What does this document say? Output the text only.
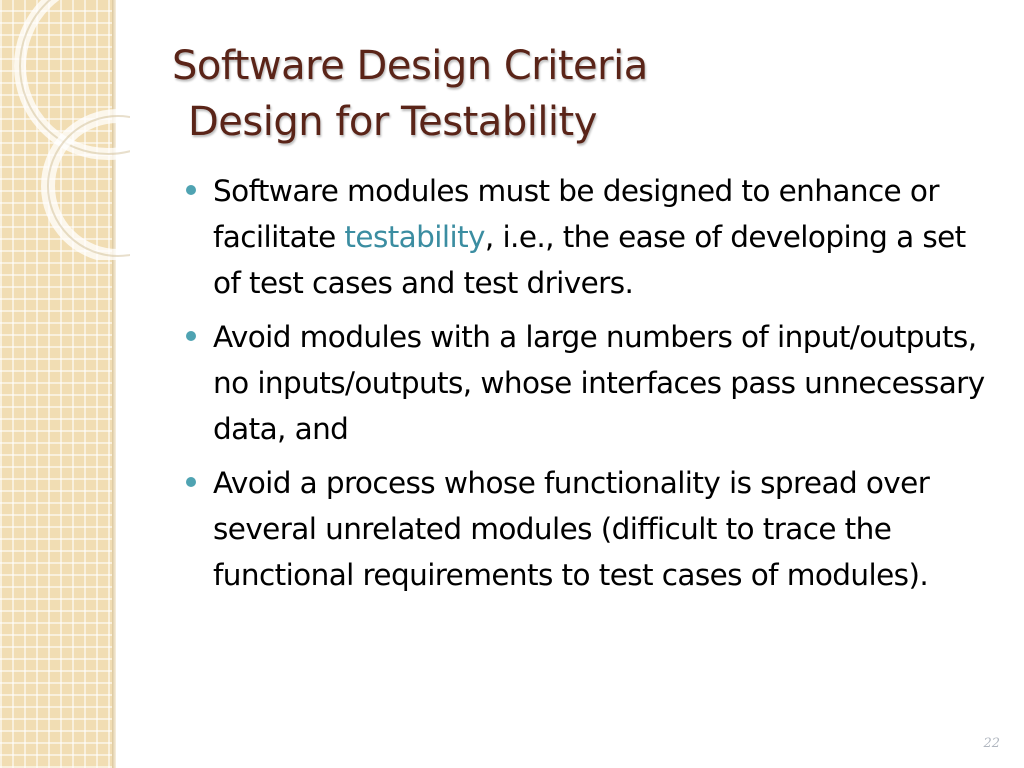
Software Design Criteria
Design for Testability
Software modules must be designed to enhance or facilitate testability, i.e., the ease of developing a set of test cases and test drivers.
Avoid modules with a large numbers of input/outputs, no inputs/outputs, whose interfaces pass unnecessary data, and
Avoid a process whose functionality is spread over several unrelated modules (difficult to trace the functional requirements to test cases of modules).
22
